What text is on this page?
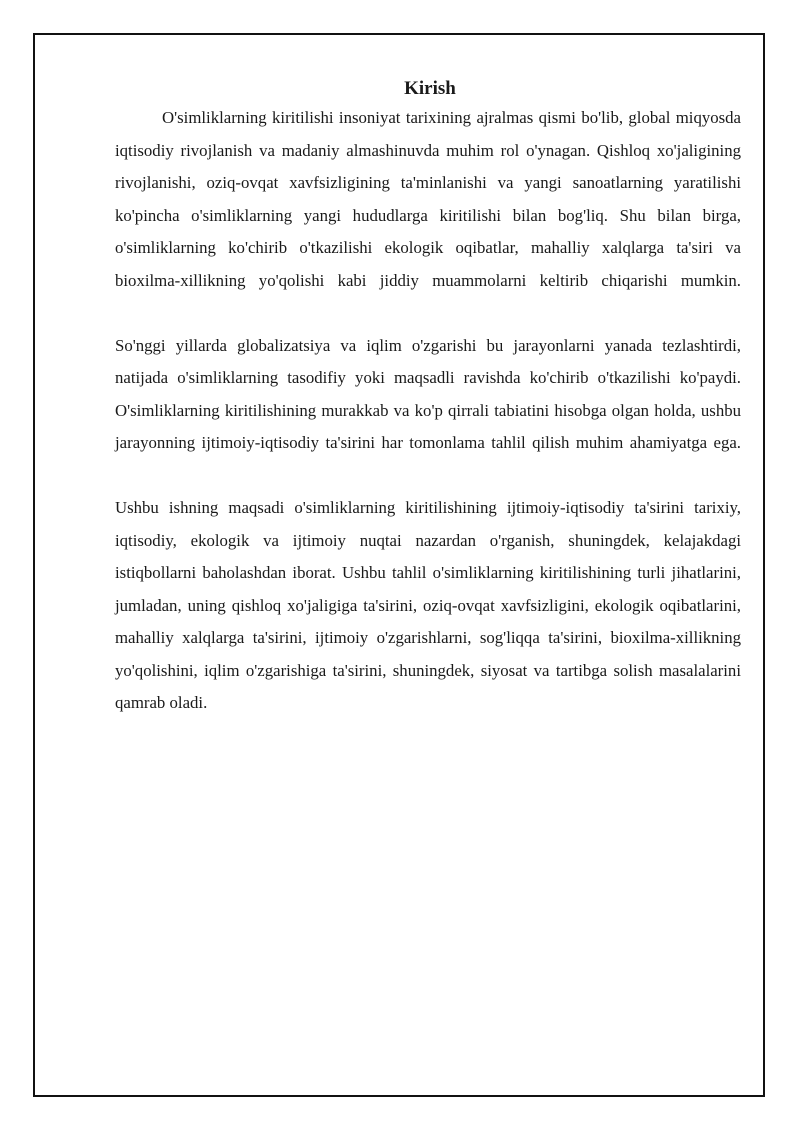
Kirish

O'simliklarning kiritilishi insoniyat tarixining ajralmas qismi bo'lib, global miqyosda iqtisodiy rivojlanish va madaniy almashinuvda muhim rol o'ynagan. Qishloq xo'jaligining rivojlanishi, oziq-ovqat xavfsizligining ta'minlanishi va yangi sanoatlarning yaratilishi ko'pincha o'simliklarning yangi hududlarga kiritilishi bilan bog'liq. Shu bilan birga, o'simliklarning ko'chirib o'tkazilishi ekologik oqibatlar, mahalliy xalqlarga ta'siri va bioxilma-xillikning yo'qolishi kabi jiddiy muammolarni keltirib chiqarishi mumkin.

So'nggi yillarda globalizatsiya va iqlim o'zgarishi bu jarayonlarni yanada tezlashtirdi, natijada o'simliklarning tasodifiy yoki maqsadli ravishda ko'chirib o'tkazilishi ko'paydi. O'simliklarning kiritilishining murakkab va ko'p qirrali tabiatini hisobga olgan holda, ushbu jarayonning ijtimoiy-iqtisodiy ta'sirini har tomonlama tahlil qilish muhim ahamiyatga ega.

Ushbu ishning maqsadi o'simliklarning kiritilishining ijtimoiy-iqtisodiy ta'sirini tarixiy, iqtisodiy, ekologik va ijtimoiy nuqtai nazardan o'rganish, shuningdek, kelajakdagi istiqbollarni baholashdan iborat. Ushbu tahlil o'simliklarning kiritilishining turli jihatlarini, jumladan, uning qishloq xo'jaligiga ta'sirini, oziq-ovqat xavfsizligini, ekologik oqibatlarini, mahalliy xalqlarga ta'sirini, ijtimoiy o'zgarishlarni, sog'liqqa ta'sirini, bioxilma-xillikning yo'qolishini, iqlim o'zgarishiga ta'sirini, shuningdek, siyosat va tartibga solish masalalarini qamrab oladi.
